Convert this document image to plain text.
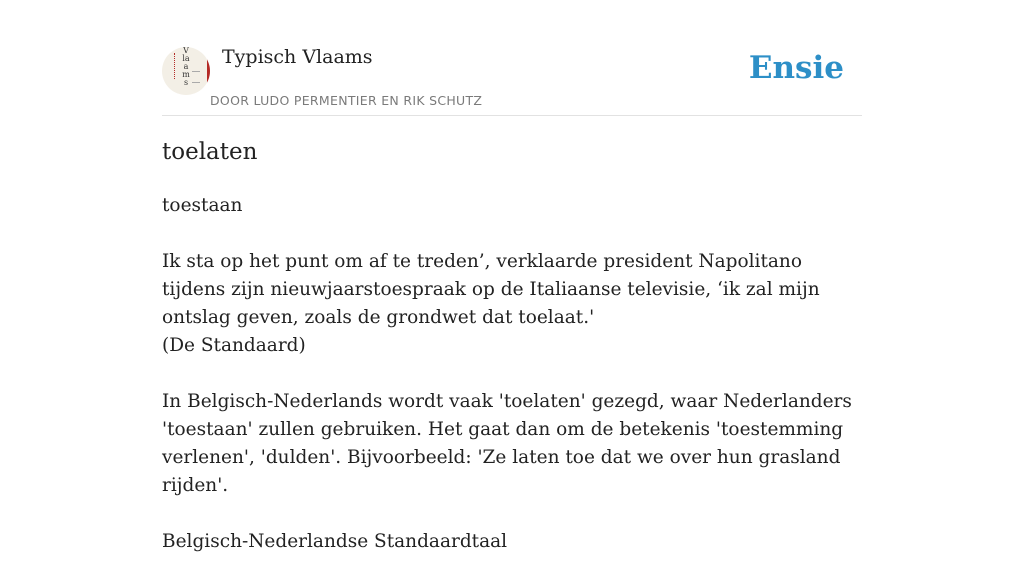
Vlaams
Typisch Vlaams
DOOR LUDO PERMENTIER EN RIK SCHUTZ
Ensie
toelaten

toestaan

Ik sta op het punt om af te treden’, verklaarde president Napolitano tijdens zijn nieuwjaarstoespraak op de Italiaanse televisie, ‘ik zal mijn ontslag geven, zoals de grondwet dat toelaat.'
(De Standaard)

In Belgisch-Nederlands wordt vaak 'toelaten' gezegd, waar Nederlanders 'toestaan' zullen gebruiken. Het gaat dan om de betekenis 'toestemming verlenen', 'dulden'. Bijvoorbeeld: 'Ze laten toe dat we over hun grasland rijden'.

Belgisch-Nederlandse Standaardtaal
